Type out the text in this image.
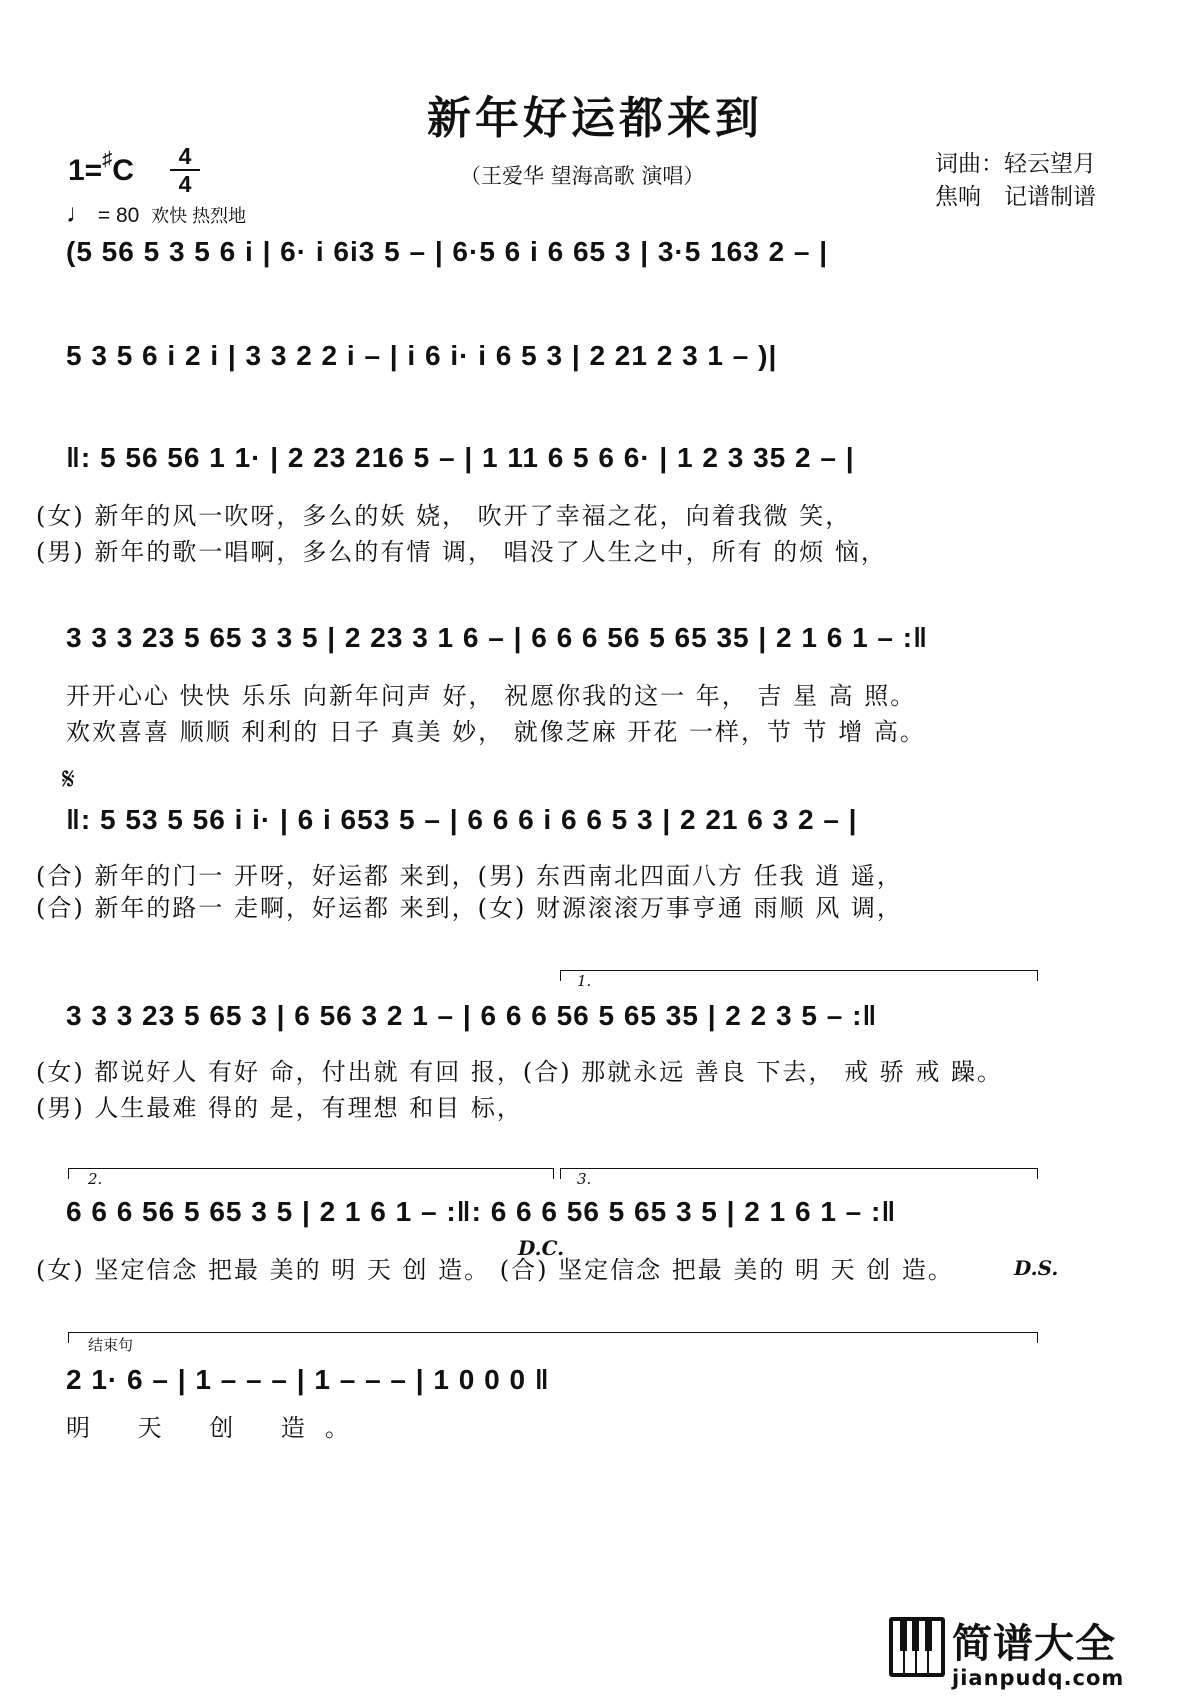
新年好运都来到
（王爱华 望海高歌 演唱）	词曲：轻云望月
焦响　记谱制谱
1=♯C	4
4
♩ = 80 欢快 热烈地
(5 56 5 3 5 6 i | 6· i 6i3 5 – | 6·5 6 i 6 65 3 | 3·5 163 2 – |
5 3 5 6 i 2 i | 3 3 2 2 i – | i 6 i· i 6 5 3 | 2 21 2 3 1 – )|
‖: 5 56 56 1 1· | 2 23 216 5 – | 1 11 6 5 6 6· | 1 2 3 35 2 – |
(女) 新年的风一吹呀，多么的妖 娆， 吹开了幸福之花，向着我微 笑，
(男) 新年的歌一唱啊，多么的有情 调， 唱没了人生之中，所有 的烦 恼，
3 3 3 23 5 65 3 3 5 | 2 23 3 1 6 – | 6 6 6 56 5 65 35 | 2 1 6 1 – :‖
开开心心 快快 乐乐 向新年问声 好， 祝愿你我的这一 年， 吉 星 高 照。
欢欢喜喜 顺顺 利利的 日子 真美 妙， 就像芝麻 开花 一样，节 节 增 高。
𝄋
‖: 5 53 5 56 i i· | 6 i 653 5 – | 6 6 6 i 6 6 5 3 | 2 21 6 3 2 – |
(合) 新年的门一 开呀，好运都 来到，(男) 东西南北四面八方 任我 逍 遥，
(合) 新年的路一 走啊，好运都 来到，(女) 财源滚滚万事亨通 雨顺 风 调，
1.
3 3 3 23 5 65 3 | 6 56 3 2 1 – | 6 6 6 56 5 65 35 | 2 2 3 5 – :‖
(女) 都说好人 有好 命，付出就 有回 报，(合) 那就永远 善良 下去， 戒 骄 戒 躁。
(男) 人生最难 得的 是，有理想 和目 标，
2.	3.
6 6 6 56 5 65 3 5 | 2 1 6 1 – :‖: 6 6 6 56 5 65 3 5 | 2 1 6 1 – :‖
(女) 坚定信念 把最 美的 明 天 创 造。 (合) 坚定信念 把最 美的 明 天 创 造。
D.C.
D.S.
结束句
2 1· 6 – | 1 – – – | 1 – – – | 1 0 0 0 ‖
明 天 创 造。
简谱大全
jianpudq.com
